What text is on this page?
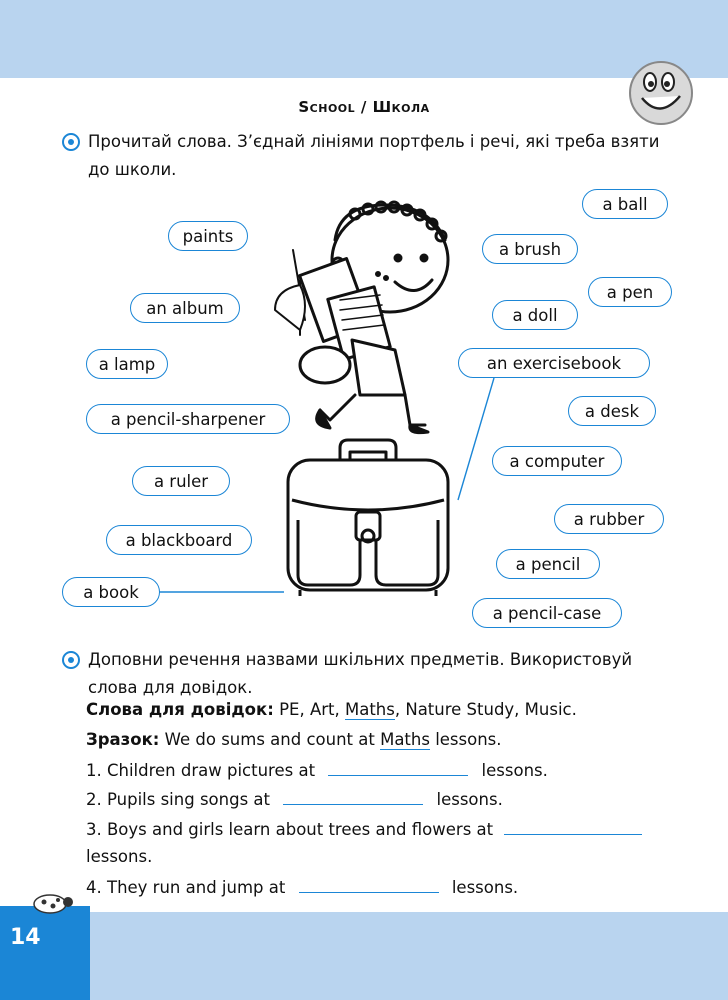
14
School / Школа
Прочитай слова. З’єднай лініями портфель і речі, які треба взяти до школи.
paints
an album
a lamp
a pencil-sharpener
a ruler
a blackboard
a book
a ball
a brush
a pen
a doll
an exercisebook
a desk
a computer
a rubber
a pencil
a pencil-case
Доповни речення назвами шкільних предметів. Використовуй слова для довідок.
Слова для довідок: PE, Art, Maths, Nature Study, Music.
Зразок: We do sums and count at Maths lessons.
1. Children draw pictures at	lessons.
2. Pupils sing songs at	lessons.
3. Boys and girls learn about trees and flowers at
lessons.
4. They run and jump at	lessons.
